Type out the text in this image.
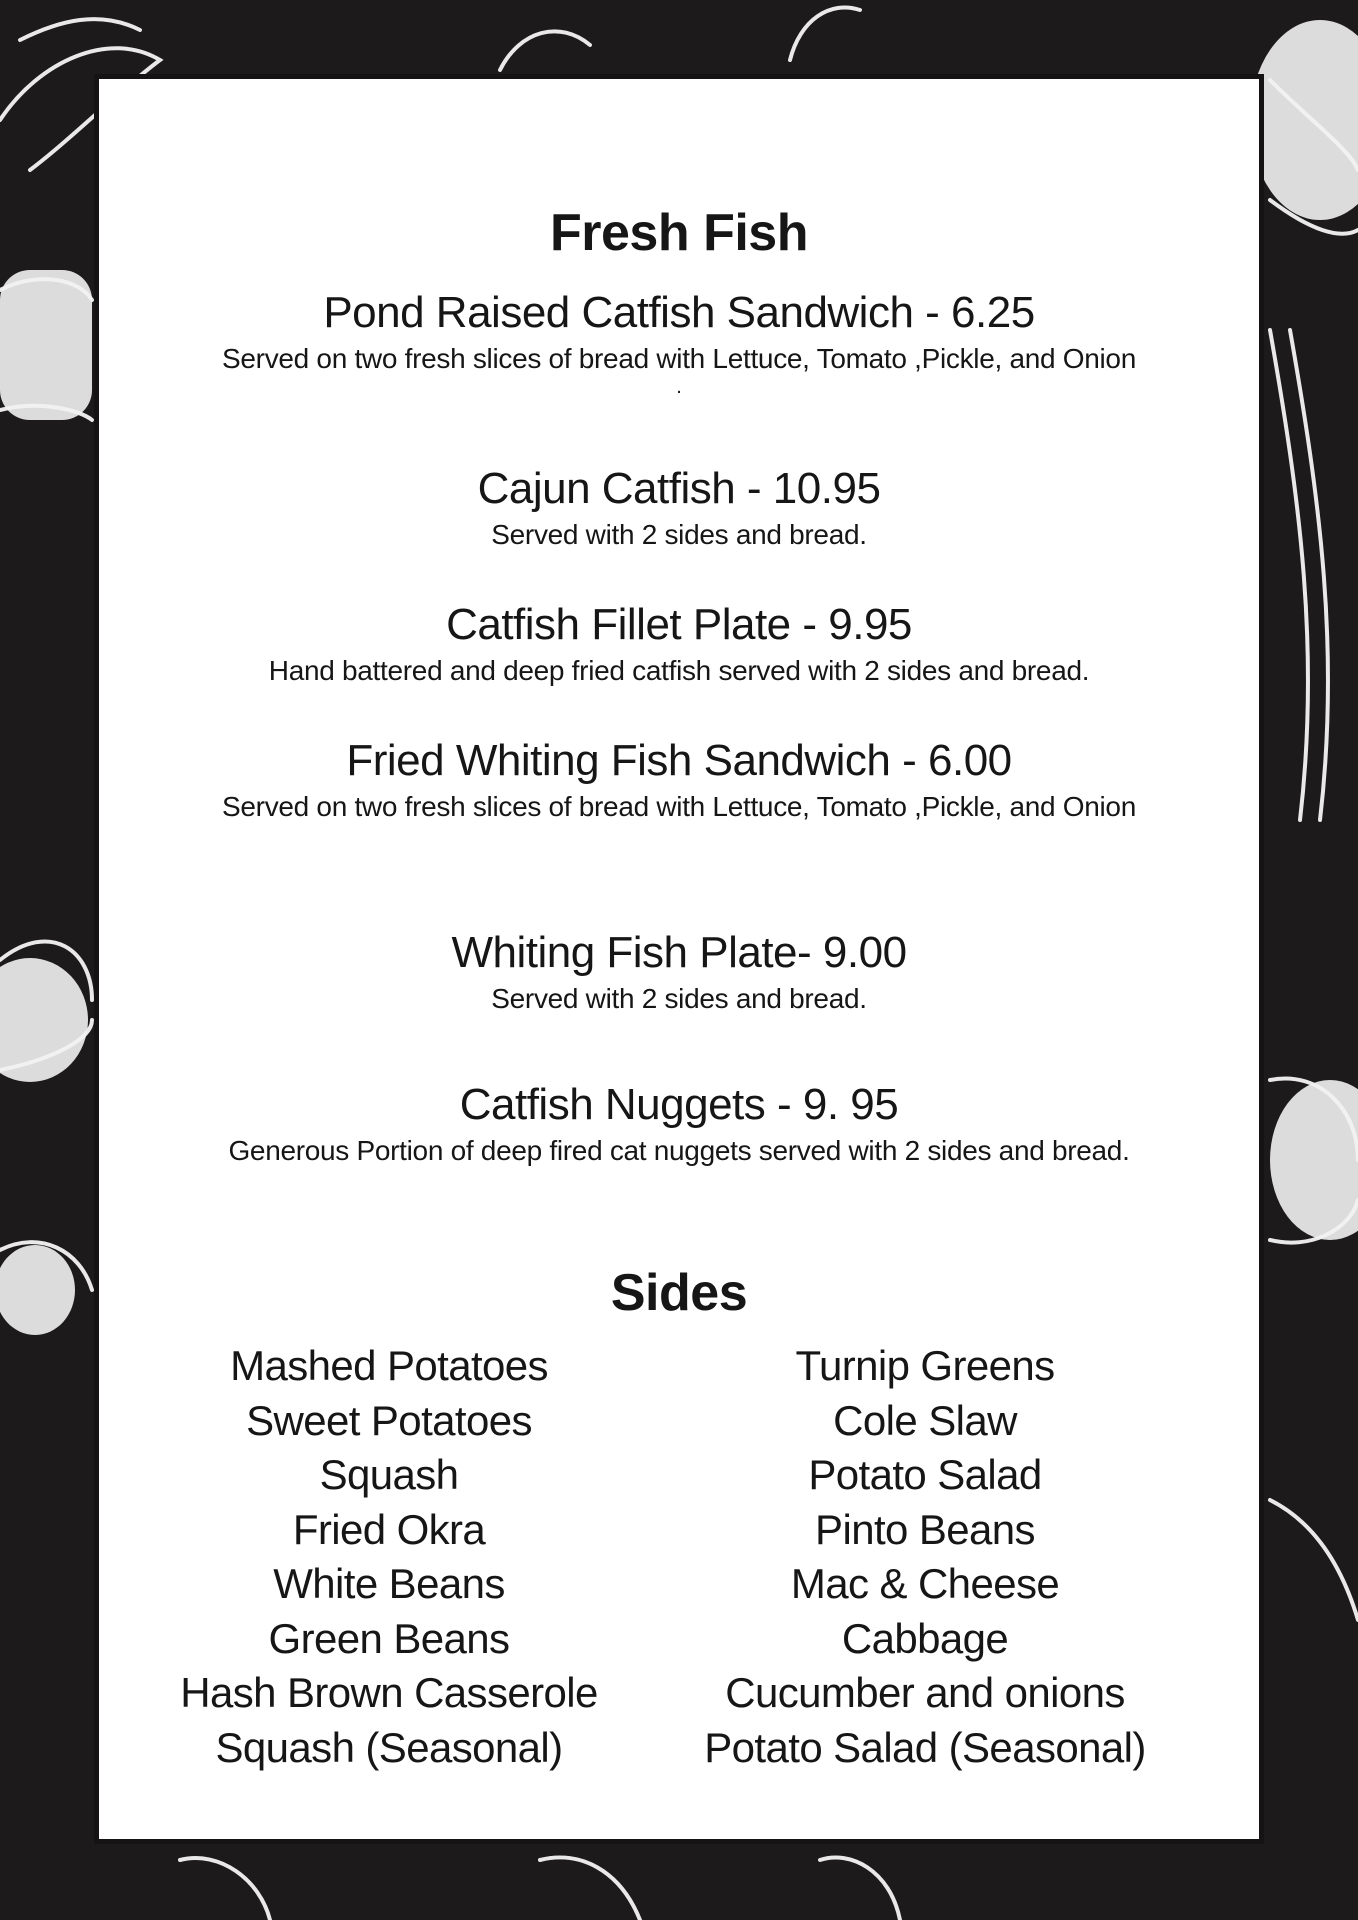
Fresh Fish
Pond Raised Catfish Sandwich - 6.25
Served on two fresh slices of bread with Lettuce, Tomato ,Pickle, and Onion
.
Cajun Catfish - 10.95
Served with 2 sides and bread.
Catfish Fillet Plate - 9.95
Hand battered and deep fried catfish served with 2 sides and bread.
Fried Whiting Fish Sandwich - 6.00
Served on two fresh slices of bread with Lettuce, Tomato ,Pickle, and Onion
Whiting Fish Plate- 9.00
Served with 2 sides and bread.
Catfish Nuggets - 9. 95
Generous Portion of deep fired cat nuggets served with 2 sides and bread.
Sides
Mashed Potatoes
Sweet Potatoes
Squash
Fried Okra
White Beans
Green Beans
Hash Brown Casserole
Squash (Seasonal)
Turnip Greens
Cole Slaw
Potato Salad
Pinto Beans
Mac & Cheese
Cabbage
Cucumber and onions
Potato Salad (Seasonal)
